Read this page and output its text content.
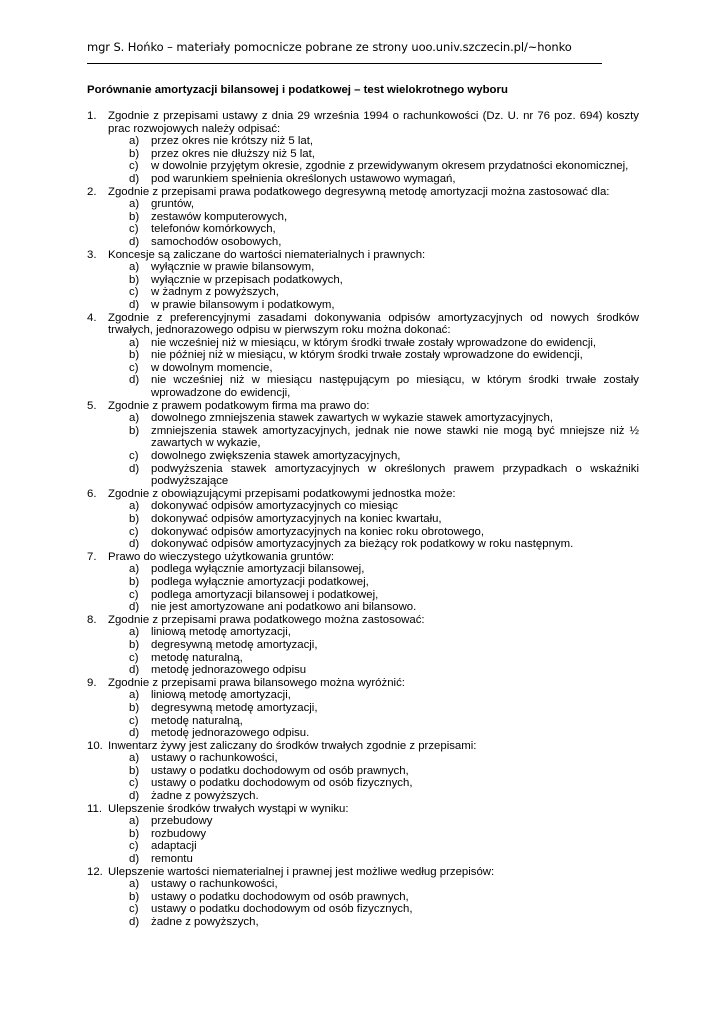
mgr S. Hońko – materiały pomocnicze pobrane ze strony uoo.univ.szczecin.pl/~honko
Porównanie amortyzacji bilansowej i podatkowej – test wielokrotnego wyboru
1.	Zgodnie z przepisami ustawy z dnia 29 września 1994 o rachunkowości (Dz. U. nr 76 poz. 694) koszty prac rozwojowych należy odpisać:
a) przez okres nie krótszy niż 5 lat,
b) przez okres nie dłuższy niż 5 lat,
c) w dowolnie przyjętym okresie, zgodnie z przewidywanym okresem przydatności ekonomicznej,
d) pod warunkiem spełnienia określonych ustawowo wymagań,
2.	Zgodnie z przepisami prawa podatkowego degresywną metodę amortyzacji można zastosować dla:
a) gruntów,
b) zestawów komputerowych,
c) telefonów komórkowych,
d) samochodów osobowych,
3.	Koncesje są zaliczane do wartości niematerialnych i prawnych:
a) wyłącznie w prawie bilansowym,
b) wyłącznie w przepisach podatkowych,
c) w żadnym z powyższych,
d) w prawie bilansowym i podatkowym,
4.	Zgodnie z preferencyjnymi zasadami dokonywania odpisów amortyzacyjnych od nowych środków trwałych, jednorazowego odpisu w pierwszym roku można dokonać:
a) nie wcześniej niż w miesiącu, w którym środki trwałe zostały wprowadzone do ewidencji,
b) nie później niż w miesiącu, w którym środki trwałe zostały wprowadzone do ewidencji,
c) w dowolnym momencie,
d) nie wcześniej niż w miesiącu następującym po miesiącu, w którym środki trwałe zostały wprowadzone do ewidencji,
5.	Zgodnie z prawem podatkowym firma ma prawo do:
a) dowolnego zmniejszenia stawek zawartych w wykazie stawek amortyzacyjnych,
b) zmniejszenia stawek amortyzacyjnych, jednak nie nowe stawki nie mogą być mniejsze niż ½ zawartych w wykazie,
c) dowolnego zwiększenia stawek amortyzacyjnych,
d) podwyższenia stawek amortyzacyjnych w określonych prawem przypadkach o wskaźniki podwyższające
6.	Zgodnie z obowiązującymi przepisami podatkowymi jednostka może:
a) dokonywać odpisów amortyzacyjnych co miesiąc
b) dokonywać odpisów amortyzacyjnych na koniec kwartału,
c) dokonywać odpisów amortyzacyjnych na koniec roku obrotowego,
d) dokonywać odpisów amortyzacyjnych za bieżący rok podatkowy w roku następnym.
7.	Prawo do wieczystego użytkowania gruntów:
a) podlega wyłącznie amortyzacji bilansowej,
b) podlega wyłącznie amortyzacji podatkowej,
c) podlega amortyzacji bilansowej i podatkowej,
d) nie jest amortyzowane ani podatkowo ani bilansowo.
8.	Zgodnie z przepisami prawa podatkowego można zastosować:
a) liniową metodę amortyzacji,
b) degresywną metodę amortyzacji,
c) metodę naturalną,
d) metodę jednorazowego odpisu
9.	Zgodnie z przepisami prawa bilansowego można wyróżnić:
a) liniową metodę amortyzacji,
b) degresywną metodę amortyzacji,
c) metodę naturalną,
d) metodę jednorazowego odpisu.
10. Inwentarz żywy jest zaliczany do środków trwałych zgodnie z przepisami:
a) ustawy o rachunkowości,
b) ustawy o podatku dochodowym od osób prawnych,
c) ustawy o podatku dochodowym od osób fizycznych,
d) żadne z powyższych.
11. Ulepszenie środków trwałych wystąpi w wyniku:
a) przebudowy
b) rozbudowy
c) adaptacji
d) remontu
12. Ulepszenie wartości niematerialnej i prawnej jest możliwe według przepisów:
a) ustawy o rachunkowości,
b) ustawy o podatku dochodowym od osób prawnych,
c) ustawy o podatku dochodowym od osób fizycznych,
d) żadne z powyższych,
